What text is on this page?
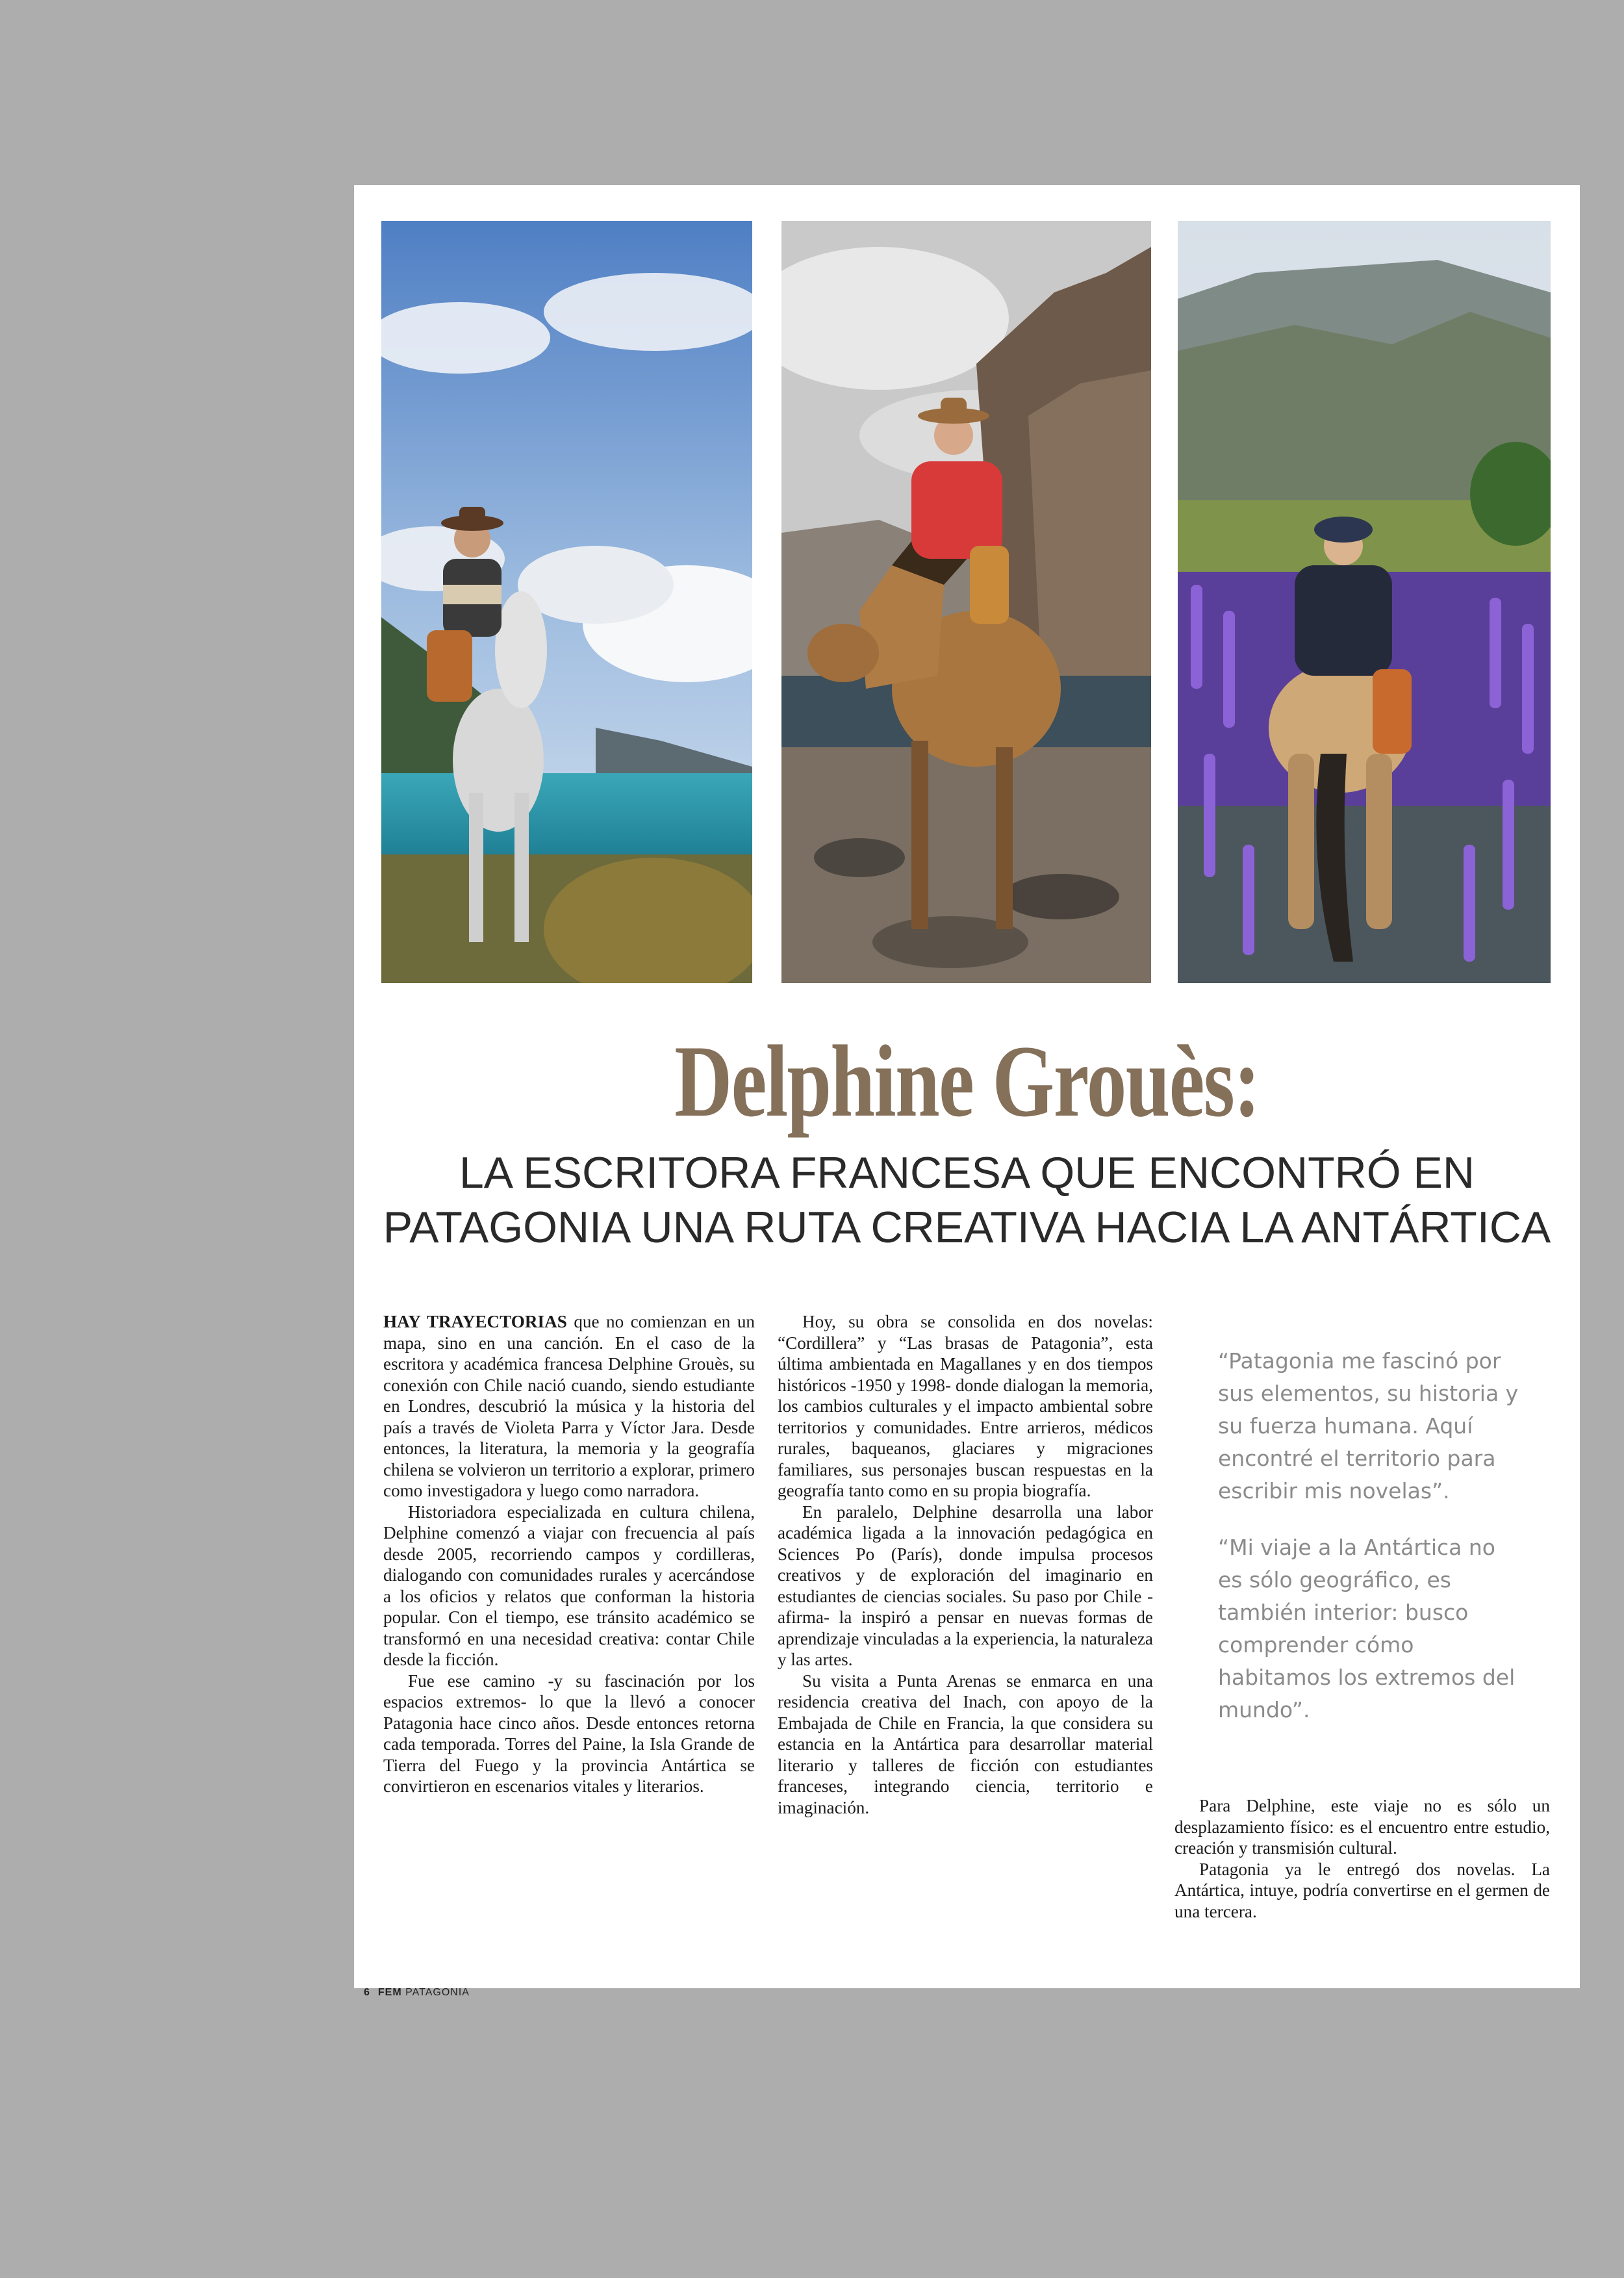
Delphine Grouès:
LA ESCRITORA FRANCESA QUE ENCONTRÓ EN
PATAGONIA UNA RUTA CREATIVA HACIA LA ANTÁRTICA

HAY TRAYECTORIAS que no comienzan en un mapa, sino en una canción. En el caso de la escritora y académica francesa Delphine Grouès, su conexión con Chile nació cuando, siendo estudiante en Londres, descubrió la música y la historia del país a través de Violeta Parra y Víctor Jara. Desde entonces, la literatura, la memoria y la geografía chilena se volvieron un territorio a explorar, primero como investigadora y luego como narradora.

Historiadora especializada en cultura chilena, Delphine comenzó a viajar con frecuencia al país desde 2005, recorriendo campos y cordilleras, dialogando con comunidades rurales y acercándose a los oficios y relatos que conforman la historia popular. Con el tiempo, ese tránsito académico se transformó en una necesidad creativa: contar Chile desde la ficción.

Fue ese camino -y su fascinación por los espacios extremos- lo que la llevó a conocer Patagonia hace cinco años. Desde entonces retorna cada temporada. Torres del Paine, la Isla Grande de Tierra del Fuego y la provincia Antártica se convirtieron en escenarios vitales y literarios.

Hoy, su obra se consolida en dos novelas: “Cordillera” y “Las brasas de Patagonia”, esta última ambientada en Magallanes y en dos tiempos históricos -1950 y 1998- donde dialogan la memoria, los cambios culturales y el impacto ambiental sobre territorios y comunidades. Entre arrieros, médicos rurales, baqueanos, glaciares y migraciones familiares, sus personajes buscan respuestas en la geografía tanto como en su propia biografía.

En paralelo, Delphine desarrolla una labor académica ligada a la innovación pedagógica en Sciences Po (París), donde impulsa procesos creativos y de exploración del imaginario en estudiantes de ciencias sociales. Su paso por Chile -afirma- la inspiró a pensar en nuevas formas de aprendizaje vinculadas a la experiencia, la naturaleza y las artes.

Su visita a Punta Arenas se enmarca en una residencia creativa del Inach, con apoyo de la Embajada de Chile en Francia, la que considera su estancia en la Antártica para desarrollar material literario y talleres de ficción con estudiantes franceses, integrando ciencia, territorio e imaginación.

“Patagonia me fascinó por sus elementos, su historia y su fuerza humana. Aquí encontré el territorio para escribir mis novelas”.
“Mi viaje a la Antártica no es sólo geográfico, es también interior: busco comprender cómo habitamos los extremos del mundo”.

Para Delphine, este viaje no es sólo un desplazamiento físico: es el encuentro entre estudio, creación y transmisión cultural.

Patagonia ya le entregó dos novelas. La Antártica, intuye, podría convertirse en el germen de una tercera.

6 FEM PATAGONIA
